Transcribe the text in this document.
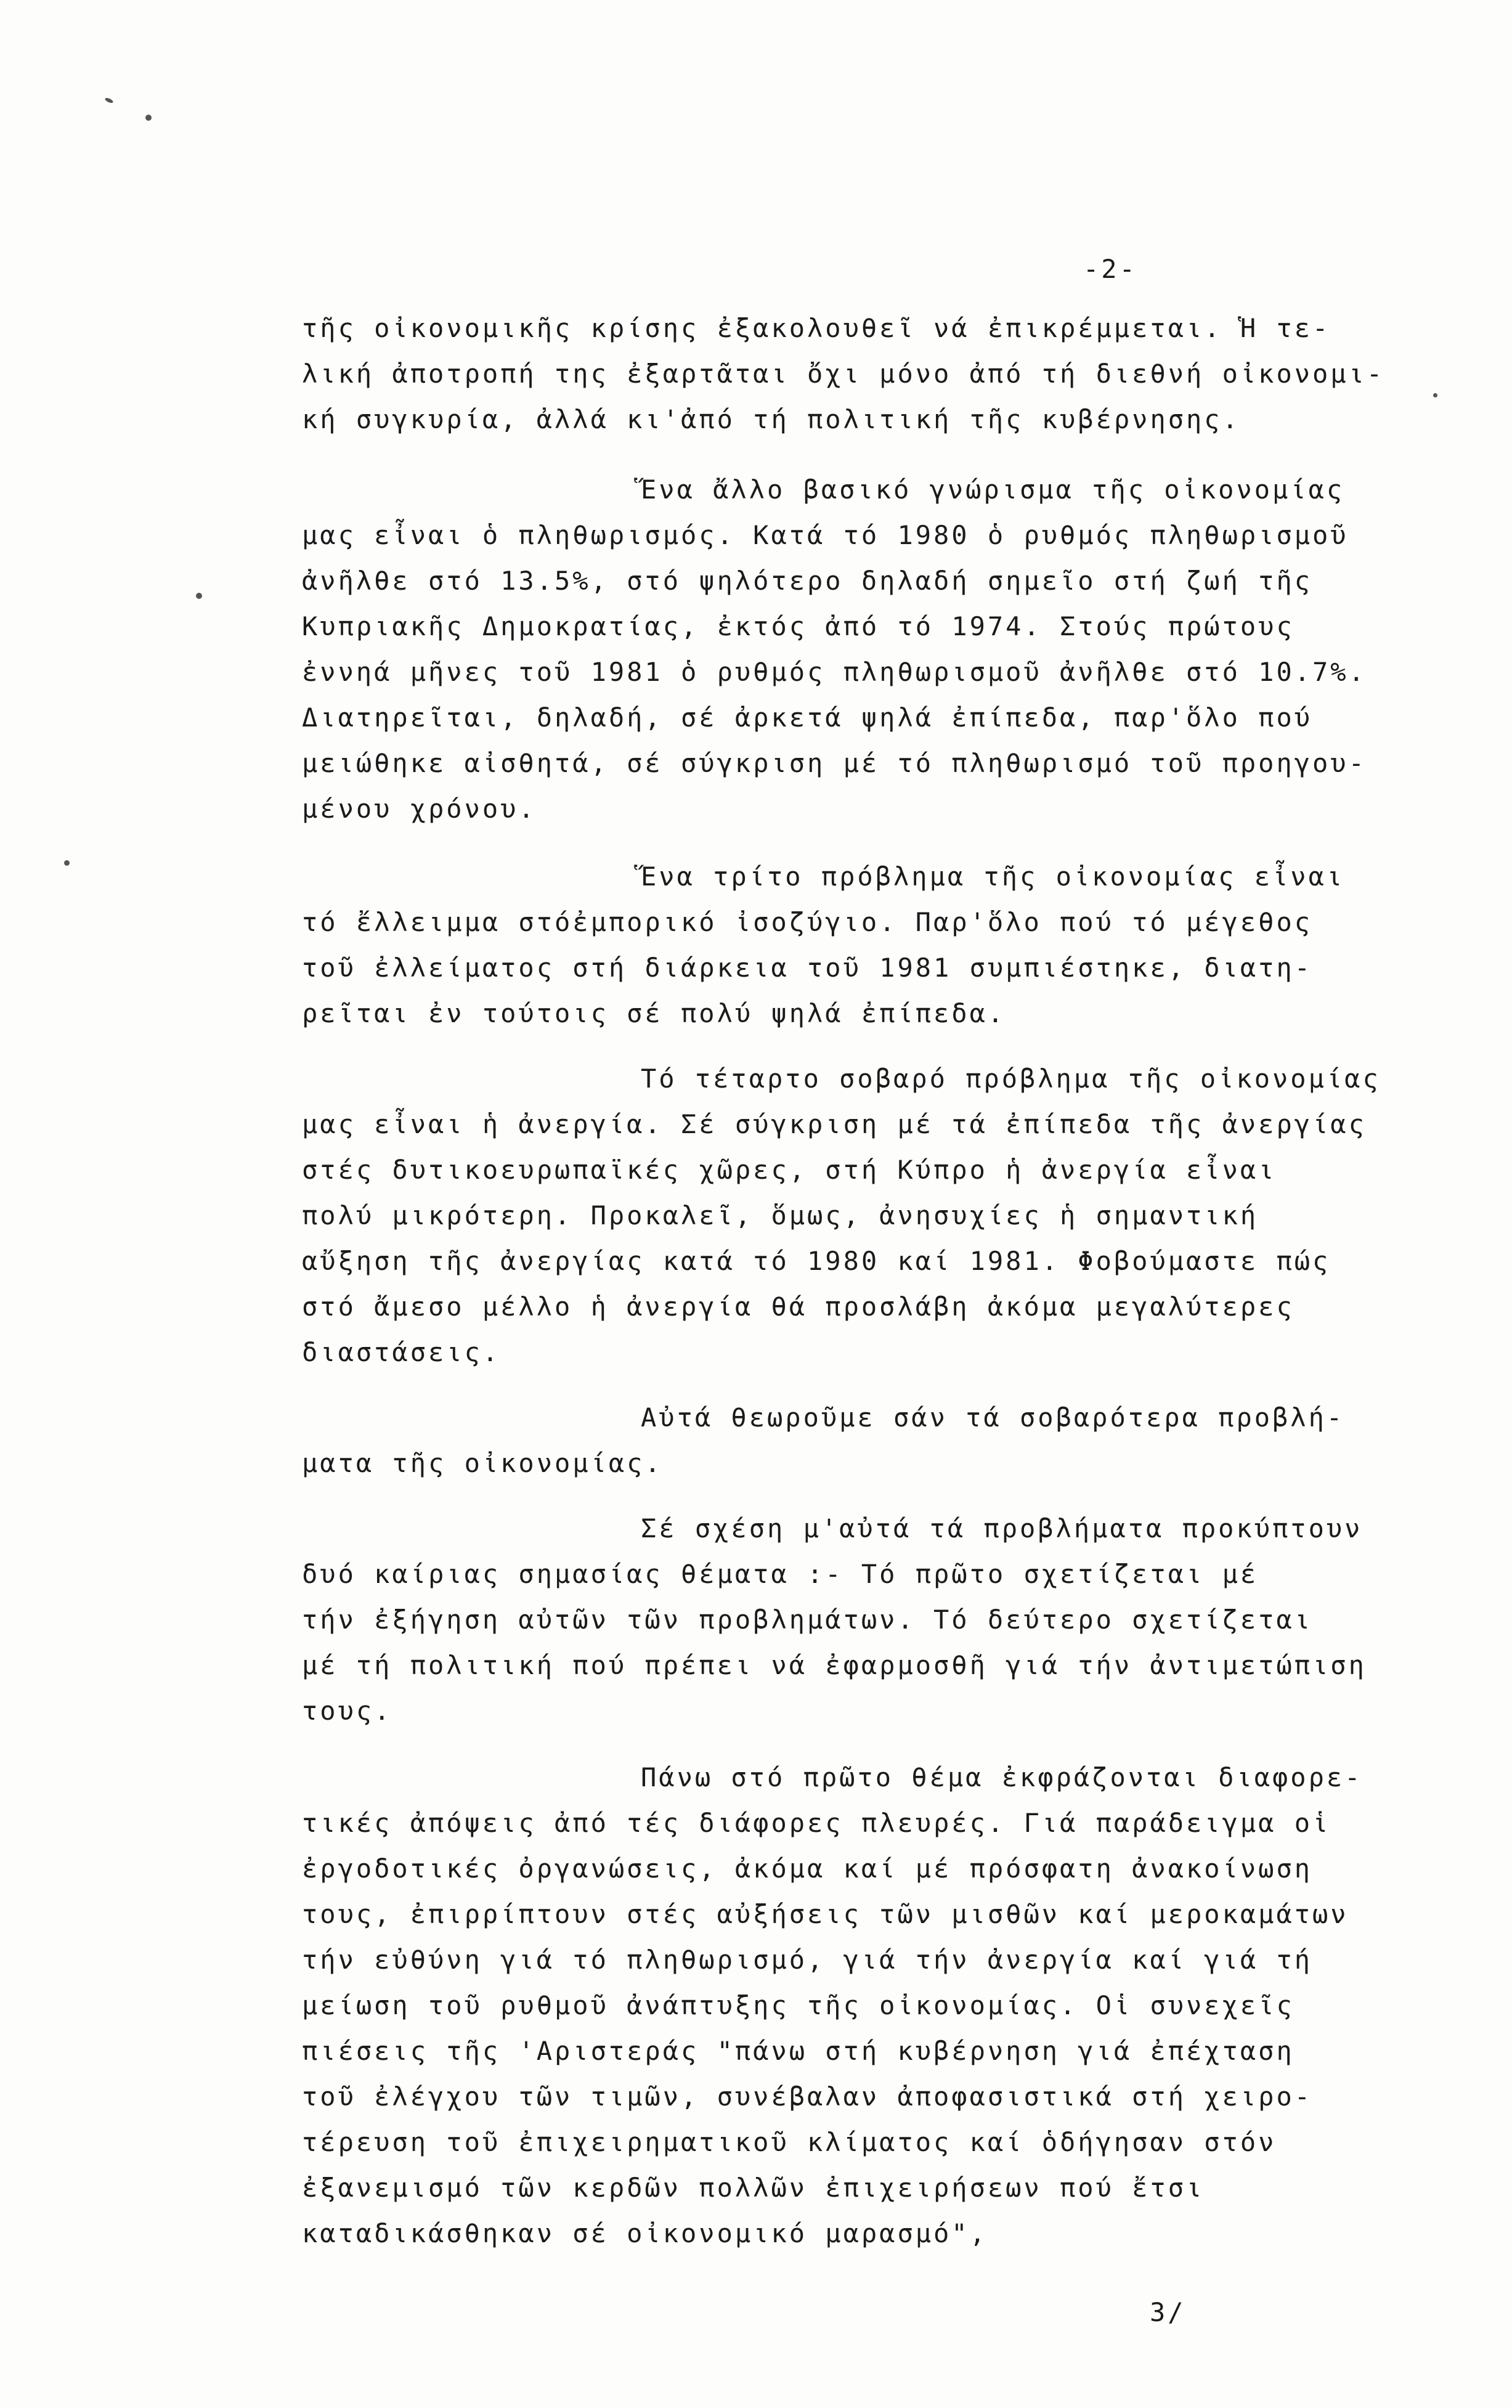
-2-
τῆς οἰκονομικῆς κρίσης ἐξακολουθεῖ νά ἐπικρέμμεται. Ἡ τε-
λική ἀποτροπή της ἐξαρτᾶται ὄχι μόνο ἀπό τή διεθνή οἰκονομι-
κή συγκυρία, ἀλλά κι'ἀπό τή πολιτική τῆς κυβέρνησης.
Ἕνα ἄλλο βασικό γνώρισμα τῆς οἰκονομίας
μας εἶναι ὁ πληθωρισμός. Κατά τό 1980 ὁ ρυθμός πληθωρισμοῦ
ἀνῆλθε στό 13.5%, στό ψηλότερο δηλαδή σημεῖο στή ζωή τῆς
Κυπριακῆς Δημοκρατίας, ἐκτός ἀπό τό 1974. Στούς πρώτους
ἐννηά μῆνες τοῦ 1981 ὁ ρυθμός πληθωρισμοῦ ἀνῆλθε στό 10.7%.
Διατηρεῖται, δηλαδή, σέ ἀρκετά ψηλά ἐπίπεδα, παρ'ὅλο πού
μειώθηκε αἰσθητά, σέ σύγκριση μέ τό πληθωρισμό τοῦ προηγου-
μένου χρόνου.
Ἕνα τρίτο πρόβλημα τῆς οἰκονομίας εἶναι
τό ἔλλειμμα στόἐμπορικό ἰσοζύγιο. Παρ'ὅλο πού τό μέγεθος
τοῦ ἐλλείματος στή διάρκεια τοῦ 1981 συμπιέστηκε, διατη-
ρεῖται ἐν τούτοις σέ πολύ ψηλά ἐπίπεδα.
Τό τέταρτο σοβαρό πρόβλημα τῆς οἰκονομίας
μας εἶναι ἡ ἀνεργία. Σέ σύγκριση μέ τά ἐπίπεδα τῆς ἀνεργίας
στές δυτικοευρωπαϊκές χῶρες, στή Κύπρο ἡ ἀνεργία εἶναι
πολύ μικρότερη. Προκαλεῖ, ὅμως, ἀνησυχίες ἡ σημαντική
αὔξηση τῆς ἀνεργίας κατά τό 1980 καί 1981. Φοβούμαστε πώς
στό ἄμεσο μέλλο ἡ ἀνεργία θά προσλάβη ἀκόμα μεγαλύτερες
διαστάσεις.
Αὐτά θεωροῦμε σάν τά σοβαρότερα προβλή-
ματα τῆς οἰκονομίας.
Σέ σχέση μ'αὐτά τά προβλήματα προκύπτουν
δυό καίριας σημασίας θέματα :- Τό πρῶτο σχετίζεται μέ
τήν ἐξήγηση αὐτῶν τῶν προβλημάτων. Τό δεύτερο σχετίζεται
μέ τή πολιτική πού πρέπει νά ἐφαρμοσθῆ γιά τήν ἀντιμετώπιση
τους.
Πάνω στό πρῶτο θέμα ἐκφράζονται διαφορε-
τικές ἀπόψεις ἀπό τές διάφορες πλευρές. Γιά παράδειγμα οἱ
ἐργοδοτικές ὀργανώσεις, ἀκόμα καί μέ πρόσφατη ἀνακοίνωση
τους, ἐπιρρίπτουν στές αὐξήσεις τῶν μισθῶν καί μεροκαμάτων
τήν εὐθύνη γιά τό πληθωρισμό, γιά τήν ἀνεργία καί γιά τή
μείωση τοῦ ρυθμοῦ ἀνάπτυξης τῆς οἰκονομίας. Οἱ συνεχεῖς
πιέσεις τῆς 'Αριστεράς "πάνω στή κυβέρνηση γιά ἐπέχταση
τοῦ ἐλέγχου τῶν τιμῶν, συνέβαλαν ἀποφασιστικά στή χειρο-
τέρευση τοῦ ἐπιχειρηματικοῦ κλίματος καί ὁδήγησαν στόν
ἐξανεμισμό τῶν κερδῶν πολλῶν ἐπιχειρήσεων πού ἔτσι
καταδικάσθηκαν σέ οἰκονομικό μαρασμό",
3/
